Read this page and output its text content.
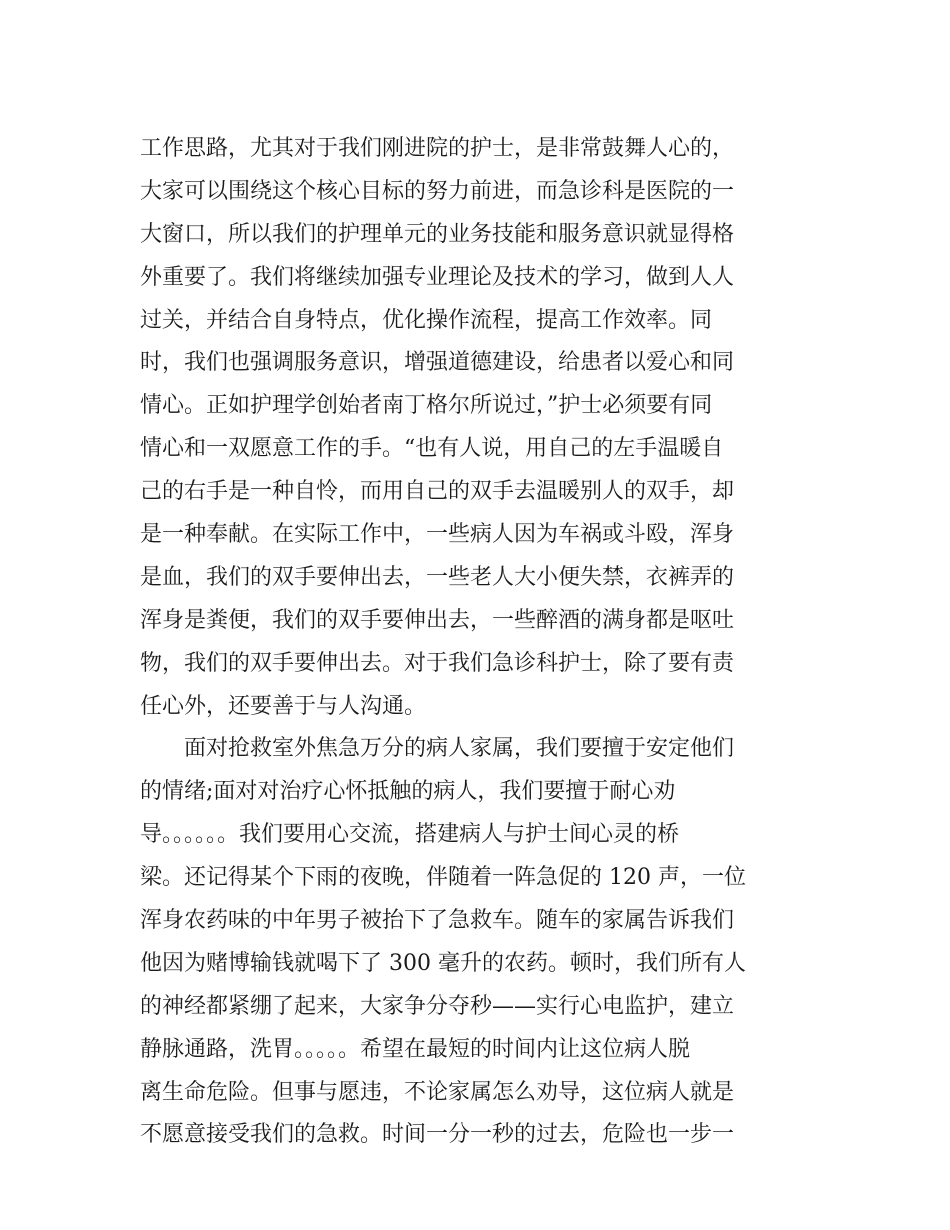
工作思路，尤其对于我们刚进院的护士，是非常鼓舞人心的，
大家可以围绕这个核心目标的努力前进，而急诊科是医院的一
大窗口，所以我们的护理单元的业务技能和服务意识就显得格
外重要了。我们将继续加强专业理论及技术的学习，做到人人
过关，并结合自身特点，优化操作流程，提高工作效率。同
时，我们也强调服务意识，增强道德建设，给患者以爱心和同
情心。正如护理学创始者南丁格尔所说过，”护士必须要有同
情心和一双愿意工作的手。“也有人说，用自己的左手温暖自
己的右手是一种自怜，而用自己的双手去温暖别人的双手，却
是一种奉献。在实际工作中，一些病人因为车祸或斗殴，浑身
是血，我们的双手要伸出去，一些老人大小便失禁，衣裤弄的
浑身是粪便，我们的双手要伸出去，一些醉酒的满身都是呕吐
物，我们的双手要伸出去。对于我们急诊科护士，除了要有责
任心外，还要善于与人沟通。
　　面对抢救室外焦急万分的病人家属，我们要擅于安定他们
的情绪;面对对治疗心怀抵触的病人，我们要擅于耐心劝
导。。。。。。我们要用心交流，搭建病人与护士间心灵的桥
梁。还记得某个下雨的夜晚，伴随着一阵急促的 120 声，一位
浑身农药味的中年男子被抬下了急救车。随车的家属告诉我们
他因为赌博输钱就喝下了 300 毫升的农药。顿时，我们所有人
的神经都紧绷了起来，大家争分夺秒——实行心电监护，建立
静脉通路，洗胃。。。。。希望在最短的时间内让这位病人脱
离生命危险。但事与愿违，不论家属怎么劝导，这位病人就是
不愿意接受我们的急救。时间一分一秒的过去，危险也一步一
